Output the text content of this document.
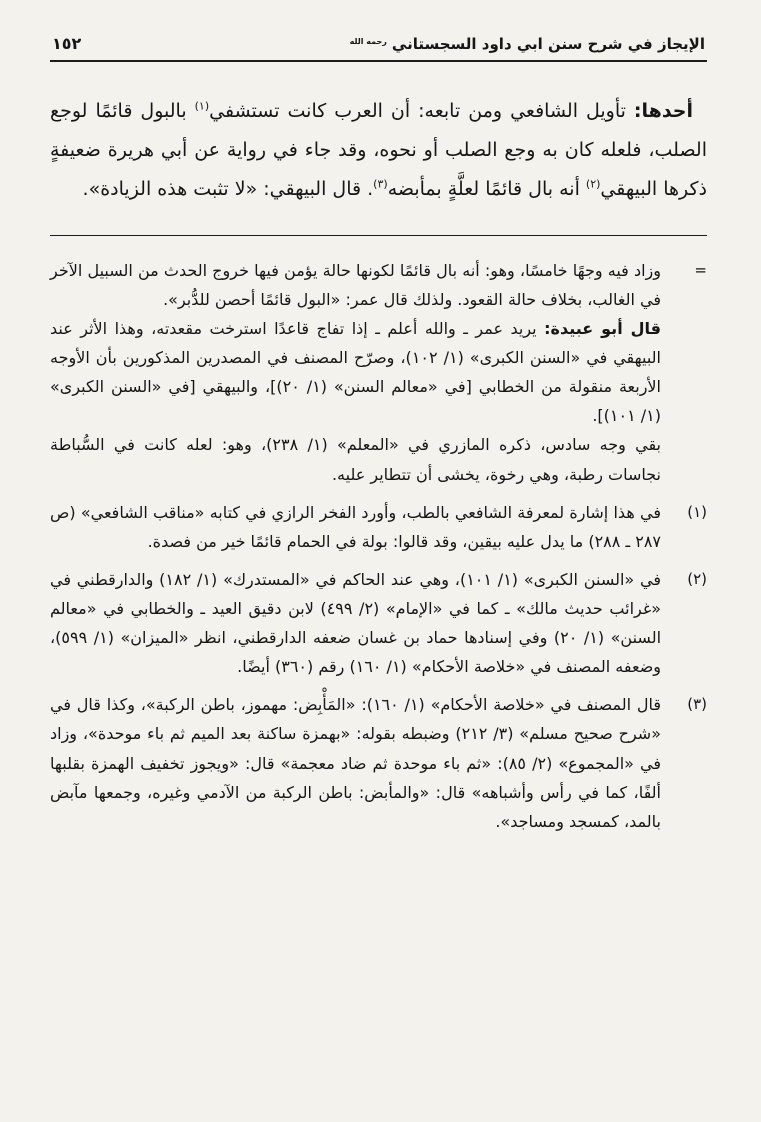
الإيجاز في شرح سنن ابي داود السجستاني
رحمه الله
١٥٢

أحدها: تأويل الشافعي ومن تابعه: أن العرب كانت تستشفي$^{(١)}$ بالبول قائمًا لوجع الصلب، فلعله كان به وجع الصلب أو نحوه، وقد جاء في رواية عن أبي هريرة ضعيفةٍ ذكرها البيهقي$^{(٢)}$ أنه بال قائمًا لعلَّةٍ بمأبضه$^{(٣)}$. قال البيهقي: «لا تثبت هذه الزيادة».

=

وزاد فيه وجهًا خامسًا، وهو: أنه بال قائمًا لكونها حالة يؤمن فيها خروج الحدث من السبيل الآخر في الغالب، بخلاف حالة القعود. ولذلك قال عمر: «البول قائمًا أحصن للدُّبر».

قال أبو عبيدة: يريد عمر ـ والله أعلم ـ إذا تفاج قاعدًا استرخت مقعدته، وهذا الأثر عند البيهقي في «السنن الكبرى» (١/ ١٠٢)، وصرّح المصنف في المصدرين المذكورين بأن الأوجه الأربعة منقولة من الخطابي [في «معالم السنن» (١/ ٢٠)]، والبيهقي [في «السنن الكبرى» (١/ ١٠١)].

بقي وجه سادس، ذكره المازري في «المعلم» (١/ ٢٣٨)، وهو: لعله كانت في السُّباطة نجاسات رطبة، وهي رخوة، يخشى أن تتطاير عليه.

(١)

في هذا إشارة لمعرفة الشافعي بالطب، وأورد الفخر الرازي في كتابه «مناقب الشافعي» (ص ٢٨٧ ـ ٢٨٨) ما يدل عليه بيقين، وقد قالوا: بولة في الحمام قائمًا خير من فصدة.

(٢)

في «السنن الكبرى» (١/ ١٠١)، وهي عند الحاكم في «المستدرك» (١/ ١٨٢) والدارقطني في «غرائب حديث مالك» ـ كما في «الإمام» (٢/ ٤٩٩) لابن دقيق العيد ـ والخطابي في «معالم السنن» (١/ ٢٠) وفي إسنادها حماد بن غسان ضعفه الدارقطني، انظر «الميزان» (١/ ٥٩٩)، وضعفه المصنف في «خلاصة الأحكام» (١/ ١٦٠) رقم (٣٦٠) أيضًا.

(٣)

قال المصنف في «خلاصة الأحكام» (١/ ١٦٠): «المَأْبِض: مهموز، باطن الركبة»، وكذا قال في «شرح صحيح مسلم» (٣/ ٢١٢) وضبطه بقوله: «بهمزة ساكنة بعد الميم ثم باء موحدة»، وزاد في «المجموع» (٢/ ٨٥): «ثم باء موحدة ثم ضاد معجمة» قال: «ويجوز تخفيف الهمزة بقلبها ألفًا، كما في رأس وأشباهه» قال: «والمأبض: باطن الركبة من الآدمي وغيره، وجمعها مآبض بالمد، كمسجد ومساجد».
